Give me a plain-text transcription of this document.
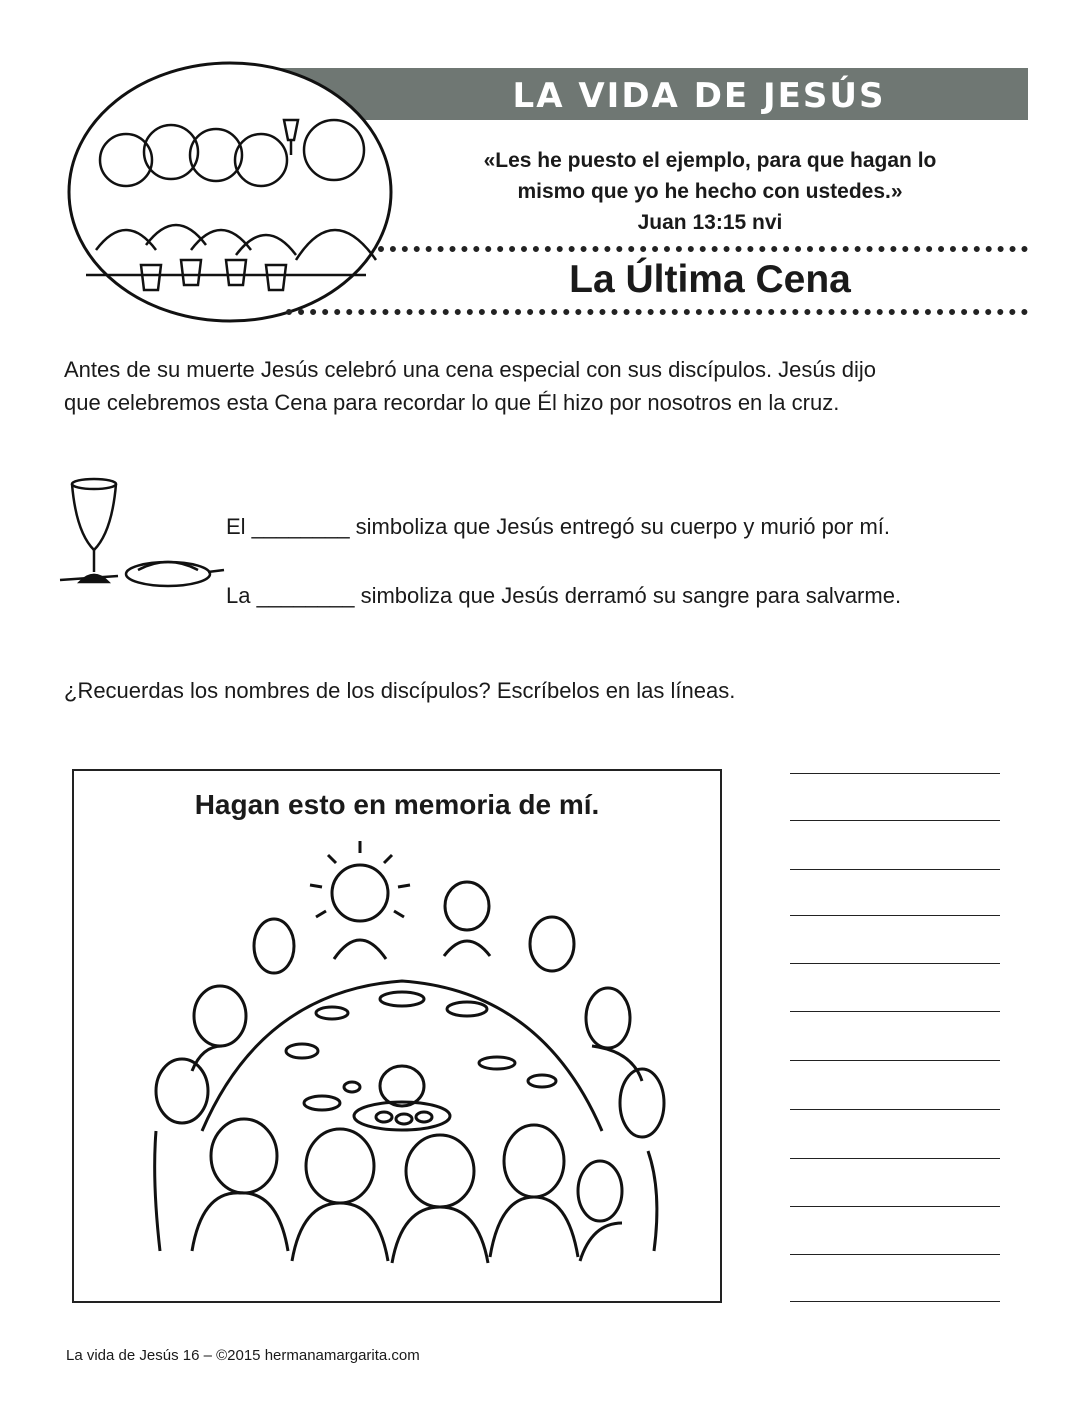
LA VIDA DE JESÚS
«Les he puesto el ejemplo, para que hagan lo
mismo que yo he hecho con ustedes.»
Juan 13:15 nvi
La Última Cena
Antes de su muerte Jesús celebró una cena especial con sus discípulos. Jesús dijo
que celebremos esta Cena para recordar lo que Él hizo por nosotros en la cruz.
El ________ simboliza que Jesús entregó su cuerpo y murió por mí.
La ________ simboliza que Jesús derramó su sangre para salvarme.
¿Recuerdas los nombres de los discípulos? Escríbelos en las líneas.
Hagan esto en memoria de mí.
La vida de Jesús 16 – ©2015 hermanamargarita.com
